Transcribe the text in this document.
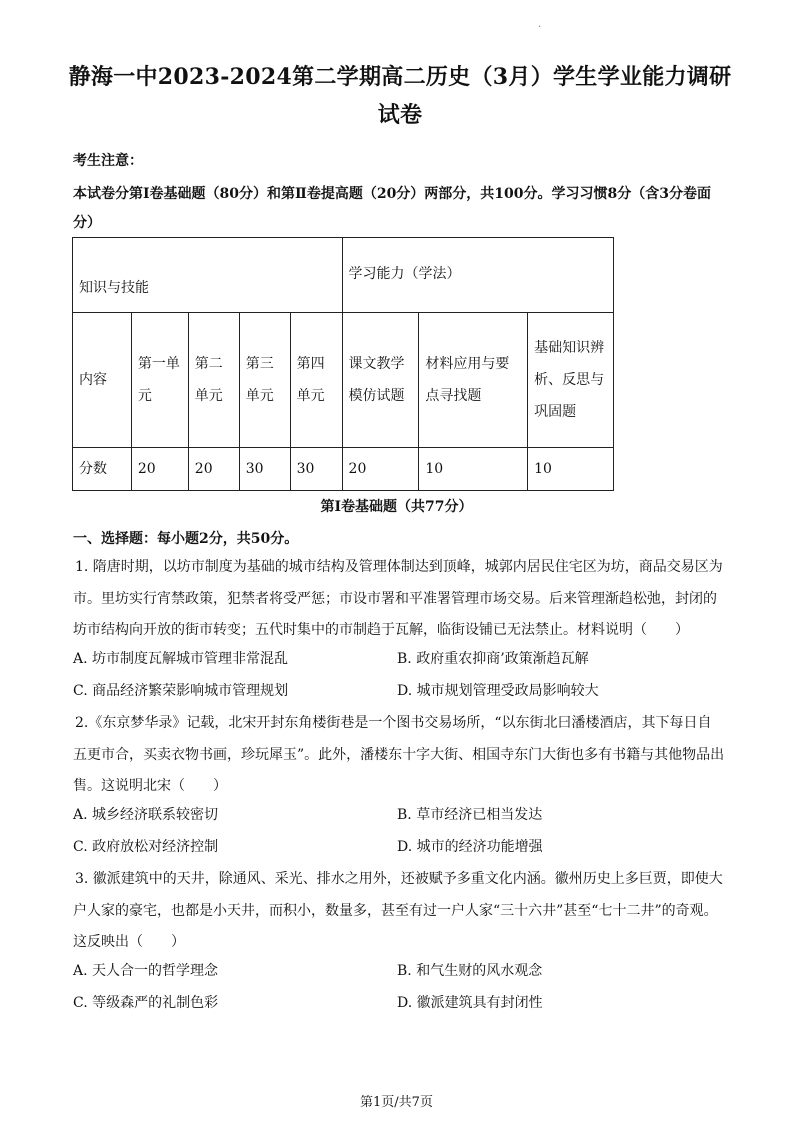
·
静海一中2023-2024第二学期高二历史（3月）学生学业能力调研试卷
考生注意：
本试卷分第Ⅰ卷基础题（80分）和第Ⅱ卷提高题（20分）两部分，共100分。学习习惯8分（含3分卷面分）
知识与技能					学习能力（学法）		
内容	第一单元	第二单元	第三单元	第四单元	课文教学模仿试题	材料应用与要点寻找题	基础知识辨析、反思与巩固题
分数	20	20	30	30	20	10	10
第Ⅰ卷基础题（共77分）
一、选择题：每小题2分，共50分。
1. 隋唐时期，以坊市制度为基础的城市结构及管理体制达到顶峰，城郭内居民住宅区为坊，商品交易区为市。里坊实行宵禁政策，犯禁者将受严惩；市设市署和平准署管理市场交易。后来管理渐趋松弛，封闭的坊市结构向开放的街市转变；五代时集中的市制趋于瓦解，临街设铺已无法禁止。材料说明（　　）
A. 坊市制度瓦解城市管理非常混乱	B. 政府重农抑商’政策渐趋瓦解
C. 商品经济繁荣影响城市管理规划	D. 城市规划管理受政局影响较大
2.《东京梦华录》记载，北宋开封东角楼街巷是一个图书交易场所，“以东街北曰潘楼酒店，其下每日自五更市合，买卖衣物书画，珍玩犀玉”。此外，潘楼东十字大街、相国寺东门大街也多有书籍与其他物品出售。这说明北宋（　　）
A. 城乡经济联系较密切	B. 草市经济已相当发达
C. 政府放松对经济控制	D. 城市的经济功能增强
3. 徽派建筑中的天井，除通风、采光、排水之用外，还被赋予多重文化内涵。徽州历史上多巨贾，即使大户人家的豪宅，也都是小天井，而积小，数量多，甚至有过一户人家“三十六井”甚至“七十二井”的奇观。这反映出（　　）
A. 天人合一的哲学理念	B. 和气生财的风水观念
C. 等级森严的礼制色彩	D. 徽派建筑具有封闭性
第1页/共7页
